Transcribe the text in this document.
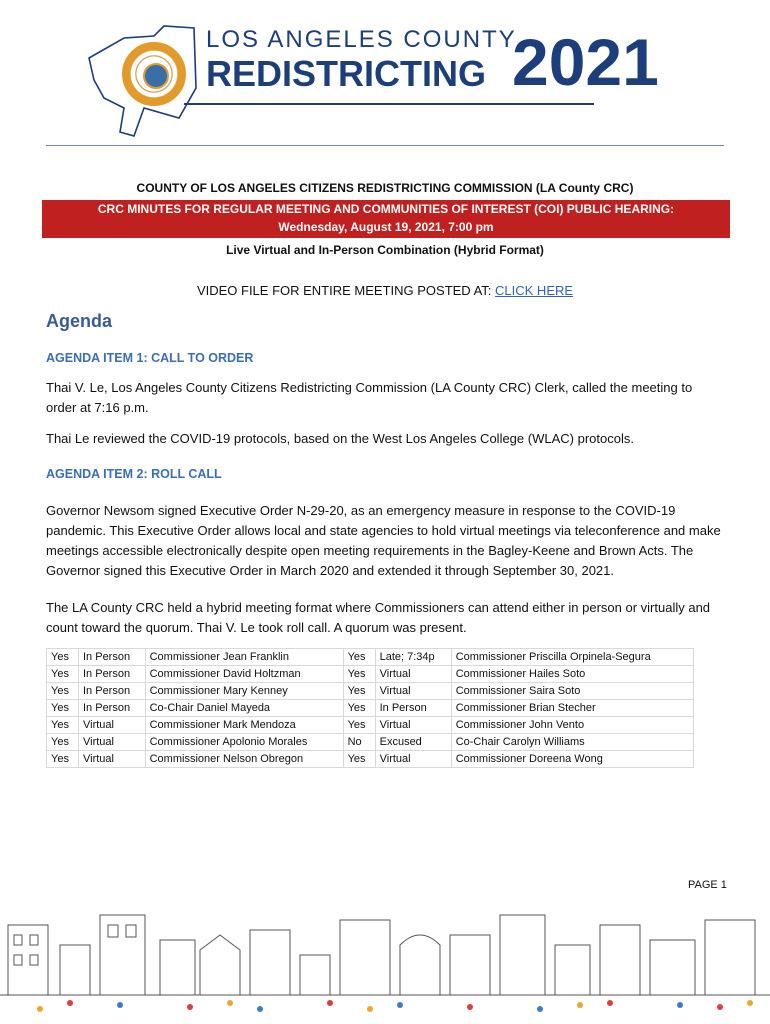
LOS ANGELES COUNTY
REDISTRICTING 2021
COUNTY OF LOS ANGELES CITIZENS REDISTRICTING COMMISSION (LA County CRC)
CRC MINUTES FOR REGULAR MEETING AND COMMUNITIES OF INTEREST (COI) PUBLIC HEARING:
Wednesday, August 19, 2021, 7:00 pm
Live Virtual and In-Person Combination (Hybrid Format)
VIDEO FILE FOR ENTIRE MEETING POSTED AT: CLICK HERE
Agenda
AGENDA ITEM 1: CALL TO ORDER
Thai V. Le, Los Angeles County Citizens Redistricting Commission (LA County CRC) Clerk, called the meeting to order at 7:16 p.m.
Thai Le reviewed the COVID-19 protocols, based on the West Los Angeles College (WLAC) protocols.
AGENDA ITEM 2: ROLL CALL
Governor Newsom signed Executive Order N-29-20, as an emergency measure in response to the COVID-19 pandemic. This Executive Order allows local and state agencies to hold virtual meetings via teleconference and make meetings accessible electronically despite open meeting requirements in the Bagley-Keene and Brown Acts. The Governor signed this Executive Order in March 2020 and extended it through September 30, 2021.
The LA County CRC held a hybrid meeting format where Commissioners can attend either in person or virtually and count toward the quorum. Thai V. Le took roll call. A quorum was present.
Yes	In Person	Commissioner Jean Franklin	Yes	Late; 7:34p	Commissioner Priscilla Orpinela-Segura
Yes	In Person	Commissioner David Holtzman	Yes	Virtual	Commissioner Hailes Soto
Yes	In Person	Commissioner Mary Kenney	Yes	Virtual	Commissioner Saira Soto
Yes	In Person	Co-Chair Daniel Mayeda	Yes	In Person	Commissioner Brian Stecher
Yes	Virtual	Commissioner Mark Mendoza	Yes	Virtual	Commissioner John Vento
Yes	Virtual	Commissioner Apolonio Morales	No	Excused	Co-Chair Carolyn Williams
Yes	Virtual	Commissioner Nelson Obregon	Yes	Virtual	Commissioner Doreena Wong
PAGE 1
